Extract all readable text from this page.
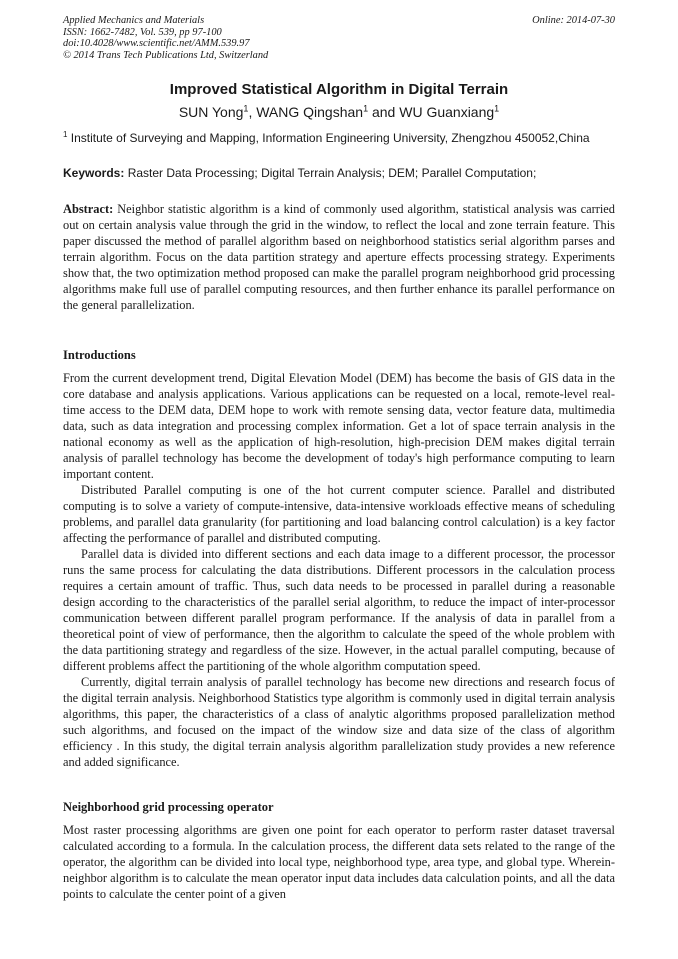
Applied Mechanics and Materials
ISSN: 1662-7482, Vol. 539, pp 97-100
doi:10.4028/www.scientific.net/AMM.539.97
© 2014 Trans Tech Publications Ltd, Switzerland
Online: 2014-07-30
Improved Statistical Algorithm in Digital Terrain
SUN Yong$^1$, WANG Qingshan$^1$ and WU Guanxiang$^1$
$^1$ Institute of Surveying and Mapping, Information Engineering University, Zhengzhou 450052,China
Keywords: Raster Data Processing; Digital Terrain Analysis; DEM; Parallel Computation;

Abstract: Neighbor statistic algorithm is a kind of commonly used algorithm, statistical analysis was carried out on certain analysis value through the grid in the window, to reflect the local and zone terrain feature. This paper discussed the method of parallel algorithm based on neighborhood statistics serial algorithm parses and terrain algorithm. Focus on the data partition strategy and aperture effects processing strategy. Experiments show that, the two optimization method proposed can make the parallel program neighborhood grid processing algorithms make full use of parallel computing resources, and then further enhance its parallel performance on the general parallelization.

Introductions

From the current development trend, Digital Elevation Model (DEM) has become the basis of GIS data in the core database and analysis applications. Various applications can be requested on a local, remote-level real-time access to the DEM data, DEM hope to work with remote sensing data, vector feature data, multimedia data, such as data integration and processing complex information. Get a lot of space terrain analysis in the national economy as well as the application of high-resolution, high-precision DEM makes digital terrain analysis of parallel technology has become the development of today's high performance computing to learn important content.

Distributed Parallel computing is one of the hot current computer science. Parallel and distributed computing is to solve a variety of compute-intensive, data-intensive workloads effective means of scheduling problems, and parallel data granularity (for partitioning and load balancing control calculation) is a key factor affecting the performance of parallel and distributed computing.

Parallel data is divided into different sections and each data image to a different processor, the processor runs the same process for calculating the data distributions. Different processors in the calculation process requires a certain amount of traffic. Thus, such data needs to be processed in parallel during a reasonable design according to the characteristics of the parallel serial algorithm, to reduce the impact of inter-processor communication between different parallel program performance. If the analysis of data in parallel from a theoretical point of view of performance, then the algorithm to calculate the speed of the whole problem with the data partitioning strategy and regardless of the size. However, in the actual parallel computing, because of different problems affect the partitioning of the whole algorithm computation speed.

Currently, digital terrain analysis of parallel technology has become new directions and research focus of the digital terrain analysis. Neighborhood Statistics type algorithm is commonly used in digital terrain analysis algorithms, this paper, the characteristics of a class of analytic algorithms proposed parallelization method such algorithms, and focused on the impact of the window size and data size of the class of algorithm efficiency . In this study, the digital terrain analysis algorithm parallelization study provides a new reference and added significance.

Neighborhood grid processing operator

Most raster processing algorithms are given one point for each operator to perform raster dataset traversal calculated according to a formula. In the calculation process, the different data sets related to the range of the operator, the algorithm can be divided into local type, neighborhood type, area type, and global type. Wherein-neighbor algorithm is to calculate the mean operator input data includes data calculation points, and all the data points to calculate the center point of a given
